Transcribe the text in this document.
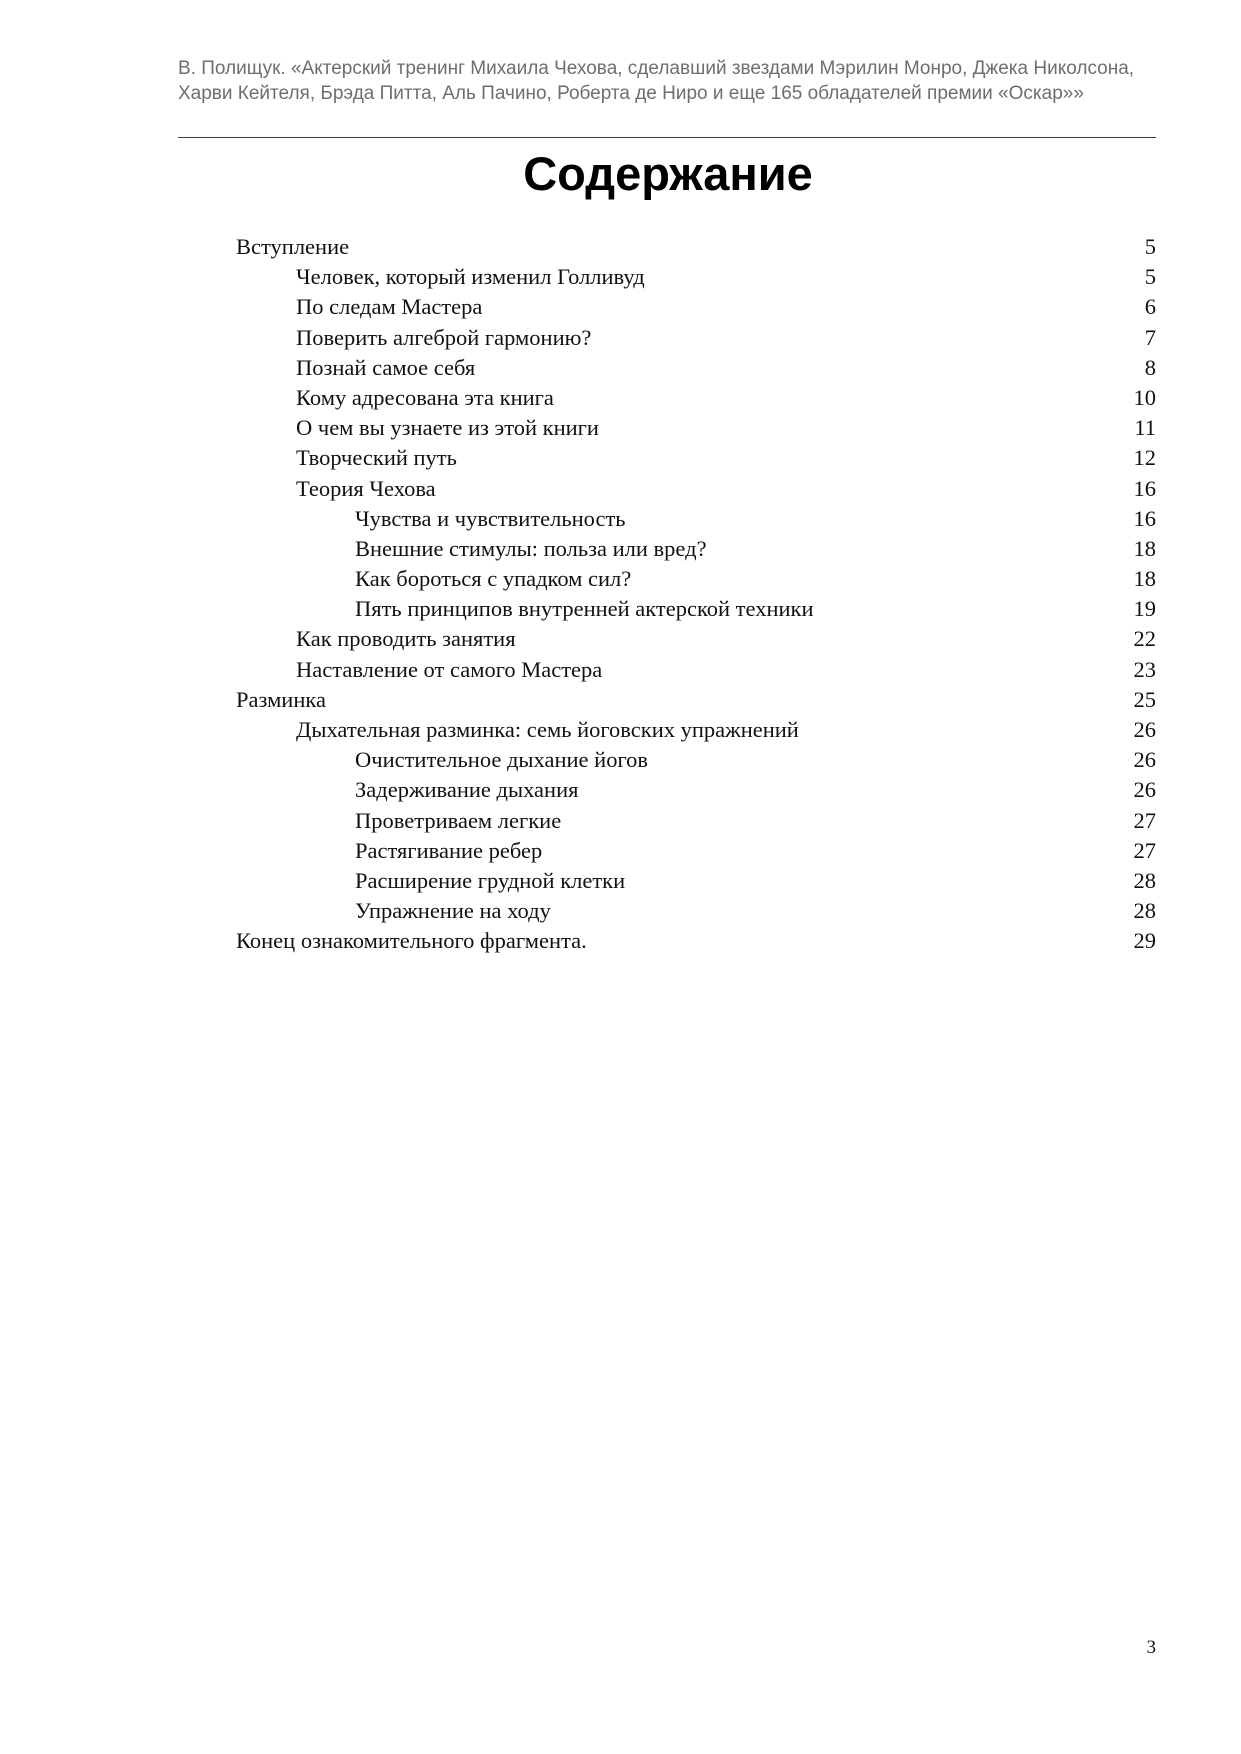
В. Полищук. «Актерский тренинг Михаила Чехова, сделавший звездами Мэрилин Монро, Джека Николсона, Харви Кейтеля, Брэда Питта, Аль Пачино, Роберта де Ниро и еще 165 обладателей премии «Оскар»»
Содержание
Вступление	5
Человек, который изменил Голливуд	5
По следам Мастера	6
Поверить алгеброй гармонию?	7
Познай самое себя	8
Кому адресована эта книга	10
О чем вы узнаете из этой книги	11
Творческий путь	12
Теория Чехова	16
Чувства и чувствительность	16
Внешние стимулы: польза или вред?	18
Как бороться с упадком сил?	18
Пять принципов внутренней актерской техники	19
Как проводить занятия	22
Наставление от самого Мастера	23
Разминка	25
Дыхательная разминка: семь йоговских упражнений	26
Очистительное дыхание йогов	26
Задерживание дыхания	26
Проветриваем легкие	27
Растягивание ребер	27
Расширение грудной клетки	28
Упражнение на ходу	28
Конец ознакомительного фрагмента.	29
3
